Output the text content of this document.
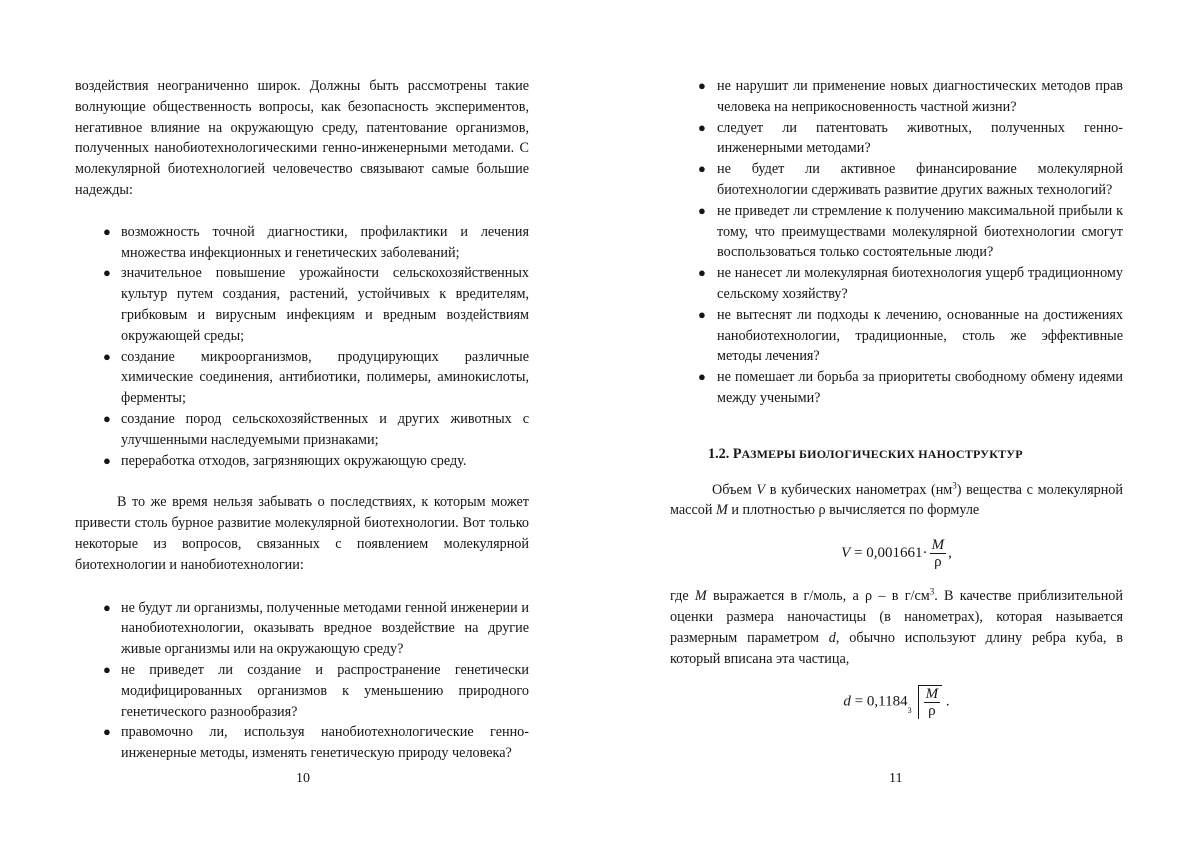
воздействия неограниченно широк. Должны быть рассмотрены такие волнующие общественность вопросы, как безопасность экспериментов, негативное влияние на окружающую среду, патентование организмов, полученных нанобиотехнологическими генно-инженерными методами. С молекулярной биотехнологией человечество связывают самые большие надежды:

● возможность точной диагностики, профилактики и лечения множества инфекционных и генетических заболеваний;
● значительное повышение урожайности сельскохозяйственных культур путем создания, растений, устойчивых к вредителям, грибковым и вирусным инфекциям и вредным воздействиям окружающей среды;
● создание микроорганизмов, продуцирующих различные химические соединения, антибиотики, полимеры, аминокислоты, ферменты;
● создание пород сельскохозяйственных и других животных с улучшенными наследуемыми признаками;
● переработка отходов, загрязняющих окружающую среду.

В то же время нельзя забывать о последствиях, к которым может привести столь бурное развитие молекулярной биотехнологии. Вот только некоторые из вопросов, связанных с появлением молекулярной биотехнологии и нанобиотехнологии:

● не будут ли организмы, полученные методами генной инженерии и нанобиотехнологии, оказывать вредное воздействие на другие живые организмы или на окружающую среду?
● не приведет ли создание и распространение генетически модифицированных организмов к уменьшению природного генетического разнообразия?
● правомочно ли, используя нанобиотехнологические генно-инженерные методы, изменять генетическую природу человека?
10
● не нарушит ли применение новых диагностических методов прав человека на неприкосновенность частной жизни?
● следует ли патентовать животных, полученных генно-инженерными методами?
● не будет ли активное финансирование молекулярной биотехнологии сдерживать развитие других важных технологий?
● не приведет ли стремление к получению максимальной прибыли к тому, что преимуществами молекулярной биотехнологии смогут воспользоваться только состоятельные люди?
● не нанесет ли молекулярная биотехнология ущерб традиционному сельскому хозяйству?
● не вытеснят ли подходы к лечению, основанные на достижениях нанобиотехнологии, традиционные, столь же эффективные методы лечения?
● не помешает ли борьба за приоритеты свободному обмену идеями между учеными?
1.2. РАЗМЕРЫ БИОЛОГИЧЕСКИХ НАНОСТРУКТУР

Объем V в кубических нанометрах $(нм^3)$ вещества с молекулярной массой M и плотностью ρ вычисляется по формуле

$V = 0,001661\cdot \frac{M}{\rho}$ ,

где M выражается в г/моль, а ρ – в $г/см^3$. В качестве приблизительной оценки размера наночастицы (в нанометрах), которая называется размерным параметром d, обычно используют длину ребра куба, в который вписана эта частица,

d = 0,1184
$3 \frac{M}{\rho}$ .
11
